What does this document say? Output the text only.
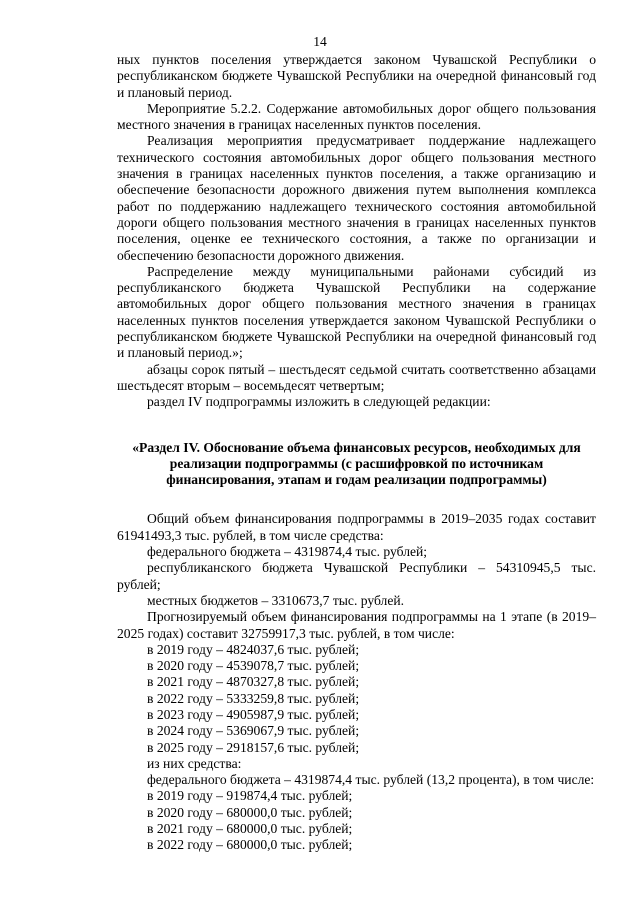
14

ных пунктов поселения утверждается законом Чувашской Республики о республиканском бюджете Чувашской Республики на очередной финансовый год и плановый период.

Мероприятие 5.2.2. Содержание автомобильных дорог общего пользования местного значения в границах населенных пунктов поселения.

Реализация мероприятия предусматривает поддержание надлежащего технического состояния автомобильных дорог общего пользования местного значения в границах населенных пунктов поселения, а также организацию и обеспечение безопасности дорожного движения путем выполнения комплекса работ по поддержанию надлежащего технического состояния автомобильной дороги общего пользования местного значения в границах населенных пунктов поселения, оценке ее технического состояния, а также по организации и обеспечению безопасности дорожного движения.

Распределение между муниципальными районами субсидий из республиканского бюджета Чувашской Республики на содержание автомобильных дорог общего пользования местного значения в границах населенных пунктов поселения утверждается законом Чувашской Республики о республиканском бюджете Чувашской Республики на очередной финансовый год и плановый период.»;

абзацы сорок пятый – шестьдесят седьмой считать соответственно абзацами шестьдесят вторым – восемьдесят четвертым;

раздел IV подпрограммы изложить в следующей редакции:

«Раздел IV. Обоснование объема финансовых ресурсов, необходимых для реализации подпрограммы (с расшифровкой по источникам финансирования, этапам и годам реализации подпрограммы)

Общий объем финансирования подпрограммы в 2019–2035 годах составит 61941493,3 тыс. рублей, в том числе средства:

федерального бюджета – 4319874,4 тыс. рублей;

республиканского бюджета Чувашской Республики – 54310945,5 тыс. рублей;

местных бюджетов – 3310673,7 тыс. рублей.

Прогнозируемый объем финансирования подпрограммы на 1 этапе (в 2019–2025 годах) составит 32759917,3 тыс. рублей, в том числе:

в 2019 году – 4824037,6 тыс. рублей;

в 2020 году – 4539078,7 тыс. рублей;

в 2021 году – 4870327,8 тыс. рублей;

в 2022 году – 5333259,8 тыс. рублей;

в 2023 году – 4905987,9 тыс. рублей;

в 2024 году – 5369067,9 тыс. рублей;

в 2025 году – 2918157,6 тыс. рублей;

из них средства:

федерального бюджета – 4319874,4 тыс. рублей (13,2 процента), в том числе:

в 2019 году – 919874,4 тыс. рублей;

в 2020 году – 680000,0 тыс. рублей;

в 2021 году – 680000,0 тыс. рублей;

в 2022 году – 680000,0 тыс. рублей;
